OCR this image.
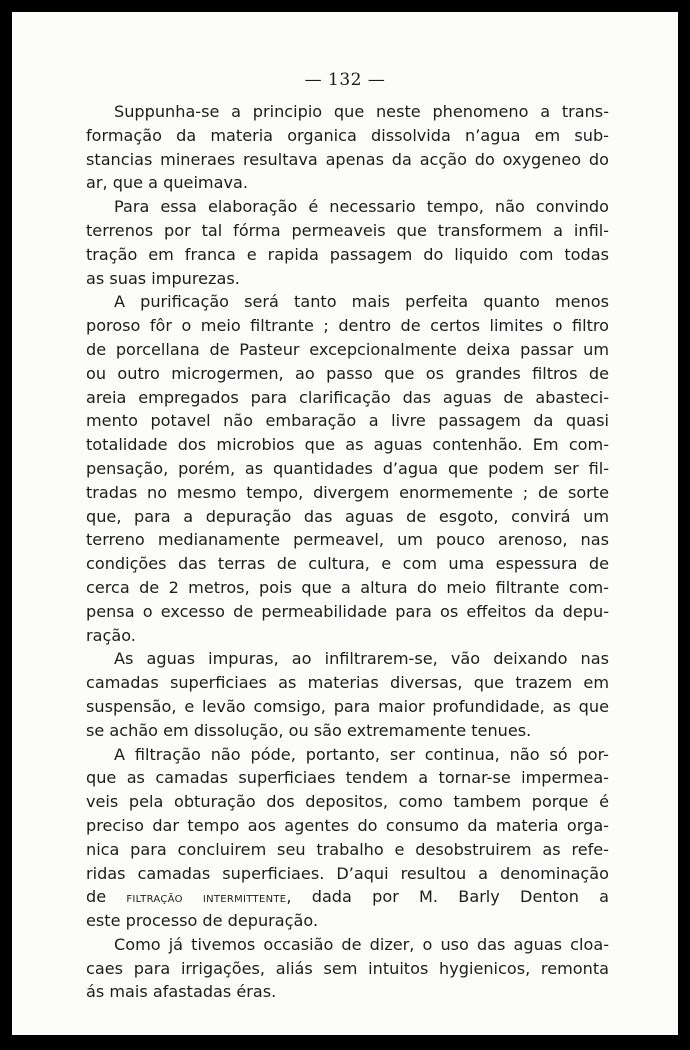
— 132 —
Suppunha-se a principio que neste phenomeno a trans-
formação da materia organica dissolvida n’agua em sub-
stancias mineraes resultava apenas da acção do oxygeneo do
ar, que a queimava.
Para essa elaboração é necessario tempo, não convindo
terrenos por tal fórma permeaveis que transformem a infil-
tração em franca e rapida passagem do liquido com todas
as suas impurezas.
A purificação será tanto mais perfeita quanto menos
poroso fôr o meio filtrante ; dentro de certos limites o filtro
de porcellana de Pasteur excepcionalmente deixa passar um
ou outro microgermen, ao passo que os grandes filtros de
areia empregados para clarificação das aguas de abasteci-
mento potavel não embaração a livre passagem da quasi
totalidade dos microbios que as aguas contenhão. Em com-
pensação, porém, as quantidades d’agua que podem ser fil-
tradas no mesmo tempo, divergem enormemente ; de sorte
que, para a depuração das aguas de esgoto, convirá um
terreno medianamente permeavel, um pouco arenoso, nas
condições das terras de cultura, e com uma espessura de
cerca de 2 metros, pois que a altura do meio filtrante com-
pensa o excesso de permeabilidade para os effeitos da depu-
ração.
As aguas impuras, ao infiltrarem-se, vão deixando nas
camadas superficiaes as materias diversas, que trazem em
suspensão, e levão comsigo, para maior profundidade, as que
se achão em dissolução, ou são extremamente tenues.
A filtração não póde, portanto, ser continua, não só por-
que as camadas superficiaes tendem a tornar-se impermea-
veis pela obturação dos depositos, como tambem porque é
preciso dar tempo aos agentes do consumo da materia orga-
nica para concluirem seu trabalho e desobstruirem as refe-
ridas camadas superficiaes. D’aqui resultou a denominação
de filtração intermittente, dada por M. Barly Denton a
este processo de depuração.
Como já tivemos occasião de dizer, o uso das aguas cloa-
caes para irrigações, aliás sem intuitos hygienicos, remonta
ás mais afastadas éras.
